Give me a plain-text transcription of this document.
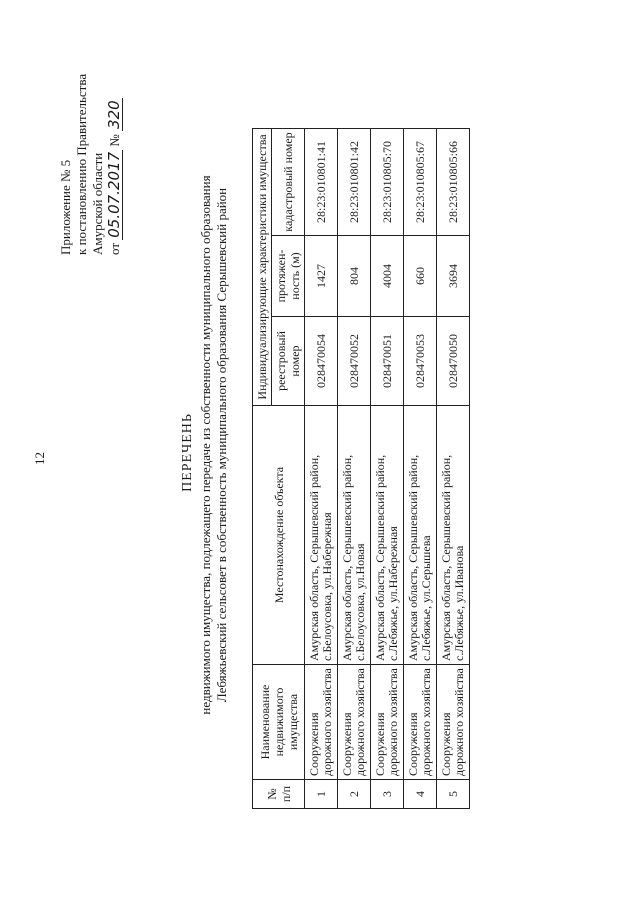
12
Приложение № 5 к постановлению Правительства Амурской области от 05.07.2017 № 320
ПЕРЕЧЕНЬ недвижимого имущества, подлежащего передаче из собственности муниципального образования Лебяжьевский сельсовет в собственность муниципального образования Серышевский район
№ п/п	Наименование недвижимого имущества	Местонахождение объекта	Индивидуализирующие характеристики имущества		
			реестровый номер	протяжен-ность (м)	кадастровый номер
1	Сооружения дорожного хозяйства	Амурская область, Серышевский район, с.Белоусовка, ул.Набережная	028470054	1427	28:23:010801:41
2	Сооружения дорожного хозяйства	Амурская область, Серышевский район, с.Белоусовка, ул.Новая	028470052	804	28:23:010801:42
3	Сооружения дорожного хозяйства	Амурская область, Серышевский район, с.Лебяжье, ул.Набережная	028470051	4004	28:23:010805:70
4	Сооружения дорожного хозяйства	Амурская область, Серышевский район, с.Лебяжье, ул.Серышева	028470053	660	28:23:010805:67
5	Сооружения дорожного хозяйства	Амурская область, Серышевский район, с.Лебяжье, ул.Иванова	028470050	3694	28:23:010805:66
